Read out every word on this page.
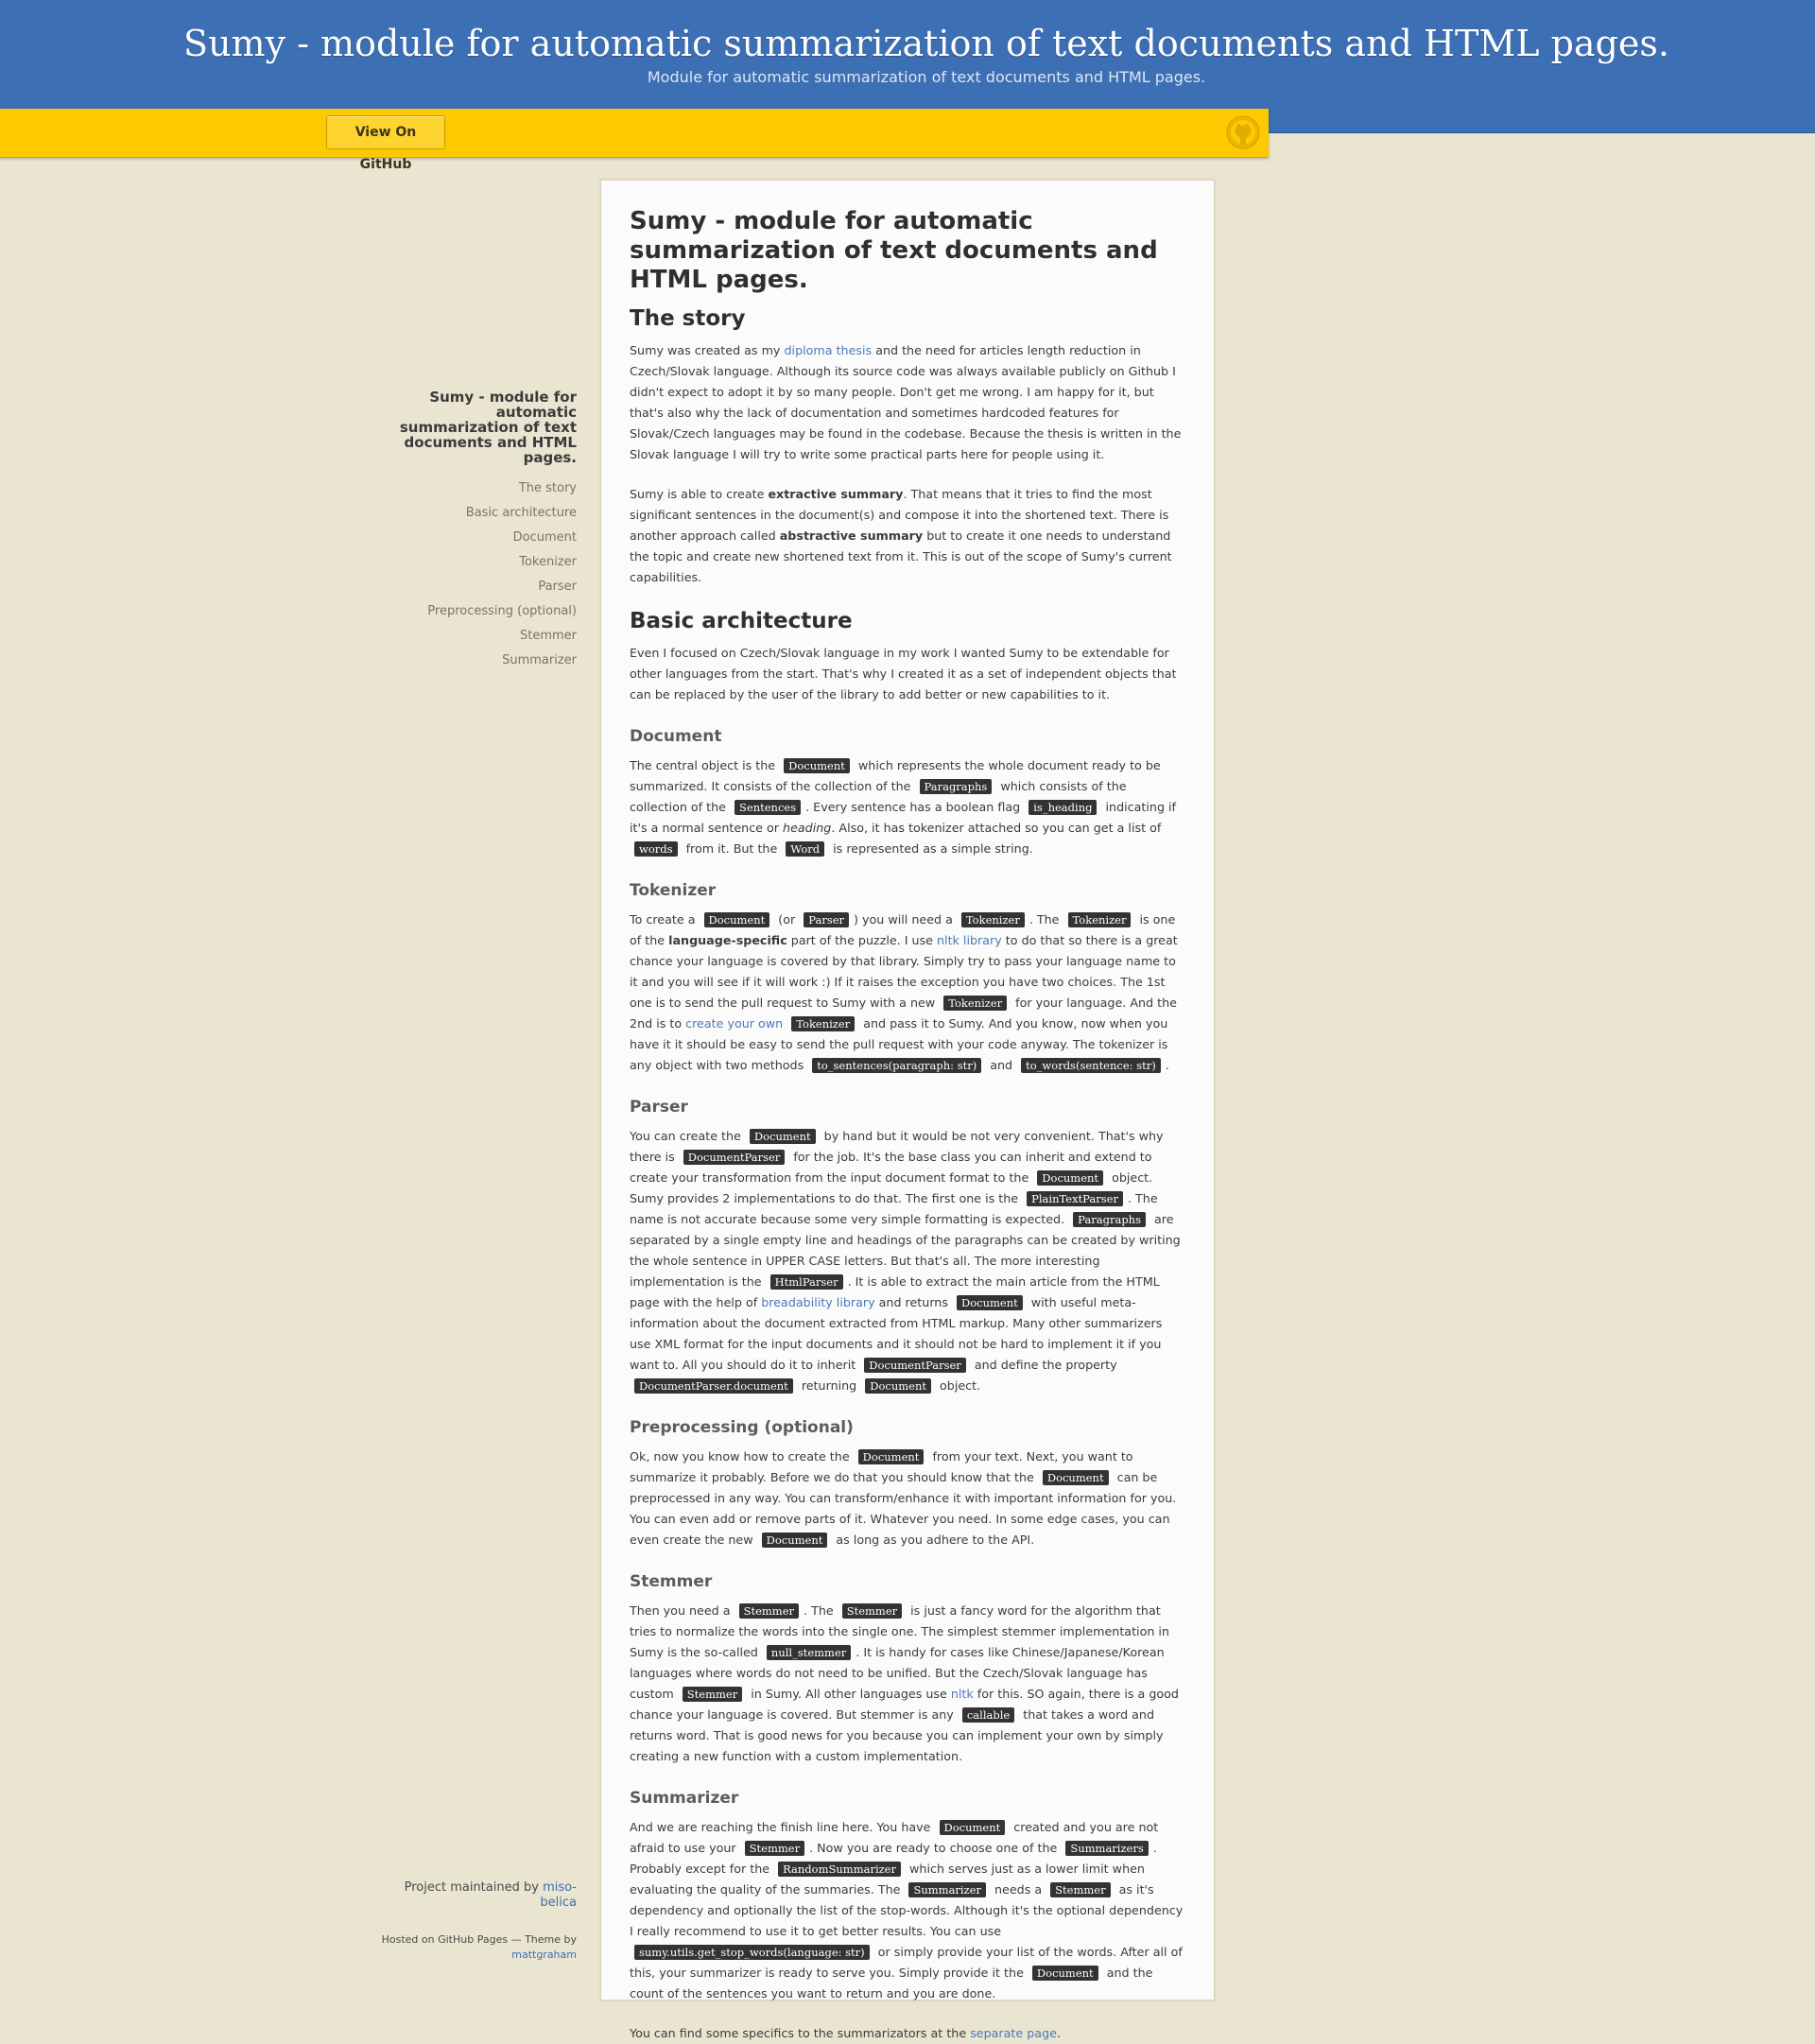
Sumy - module for automatic summarization of text documents and HTML pages.
Module for automatic summarization of text documents and HTML pages.
View On GitHub
Sumy - module for automatic summarization of text documents and HTML pages.
The story
Basic architecture
Document
Tokenizer
Parser
Preprocessing (optional)
Stemmer
Summarizer
Project maintained by miso-belica
Hosted on GitHub Pages — Theme by mattgraham
Sumy - module for automatic summarization of text documents and HTML pages.
The story

Sumy was created as my diploma thesis and the need for articles length reduction in Czech/Slovak language. Although its source code was always available publicly on Github I didn't expect to adopt it by so many people. Don't get me wrong. I am happy for it, but that's also why the lack of documentation and sometimes hardcoded features for Slovak/Czech languages may be found in the codebase. Because the thesis is written in the Slovak language I will try to write some practical parts here for people using it.

Sumy is able to create extractive summary. That means that it tries to find the most significant sentences in the document(s) and compose it into the shortened text. There is another approach called abstractive summary but to create it one needs to understand the topic and create new shortened text from it. This is out of the scope of Sumy's current capabilities.

Basic architecture

Even I focused on Czech/Slovak language in my work I wanted Sumy to be extendable for other languages from the start. That's why I created it as a set of independent objects that can be replaced by the user of the library to add better or new capabilities to it.

Document

The central object is the Document which represents the whole document ready to be summarized. It consists of the collection of the Paragraphs which consists of the collection of the Sentences . Every sentence has a boolean flag is_heading indicating if it's a normal sentence or heading. Also, it has tokenizer attached so you can get a list of words from it. But the Word is represented as a simple string.

Tokenizer

To create a Document (or Parser ) you will need a Tokenizer . The Tokenizer is one of the language-specific part of the puzzle. I use nltk library to do that so there is a great chance your language is covered by that library. Simply try to pass your language name to it and you will see if it will work :) If it raises the exception you have two choices. The 1st one is to send the pull request to Sumy with a new Tokenizer for your language. And the 2nd is to create your own Tokenizer and pass it to Sumy. And you know, now when you have it it should be easy to send the pull request with your code anyway. The tokenizer is any object with two methods to_sentences(paragraph: str) and to_words(sentence: str) .

Parser

You can create the Document by hand but it would be not very convenient. That's why there is DocumentParser for the job. It's the base class you can inherit and extend to create your transformation from the input document format to the Document object. Sumy provides 2 implementations to do that. The first one is the PlainTextParser . The name is not accurate because some very simple formatting is expected. Paragraphs are separated by a single empty line and headings of the paragraphs can be created by writing the whole sentence in UPPER CASE letters. But that's all. The more interesting implementation is the HtmlParser . It is able to extract the main article from the HTML page with the help of breadability library and returns Document with useful meta-information about the document extracted from HTML markup. Many other summarizers use XML format for the input documents and it should not be hard to implement it if you want to. All you should do it to inherit DocumentParser and define the property DocumentParser.document returning Document object.

Preprocessing (optional)

Ok, now you know how to create the Document from your text. Next, you want to summarize it probably. Before we do that you should know that the Document can be preprocessed in any way. You can transform/enhance it with important information for you. You can even add or remove parts of it. Whatever you need. In some edge cases, you can even create the new Document as long as you adhere to the API.

Stemmer

Then you need a Stemmer . The Stemmer is just a fancy word for the algorithm that tries to normalize the words into the single one. The simplest stemmer implementation in Sumy is the so-called null_stemmer . It is handy for cases like Chinese/Japanese/Korean languages where words do not need to be unified. But the Czech/Slovak language has custom Stemmer in Sumy. All other languages use nltk for this. SO again, there is a good chance your language is covered. But stemmer is any callable that takes a word and returns word. That is good news for you because you can implement your own by simply creating a new function with a custom implementation.

Summarizer

And we are reaching the finish line here. You have Document created and you are not afraid to use your Stemmer . Now you are ready to choose one of the Summarizers . Probably except for the RandomSummarizer which serves just as a lower limit when evaluating the quality of the summaries. The Summarizer needs a Stemmer as it's dependency and optionally the list of the stop-words. Although it's the optional dependency I really recommend to use it to get better results. You can use sumy.utils.get_stop_words(language: str) or simply provide your list of the words. After all of this, your summarizer is ready to serve you. Simply provide it the Document and the count of the sentences you want to return and you are done.

You can find some specifics to the summarizators at the separate page.
